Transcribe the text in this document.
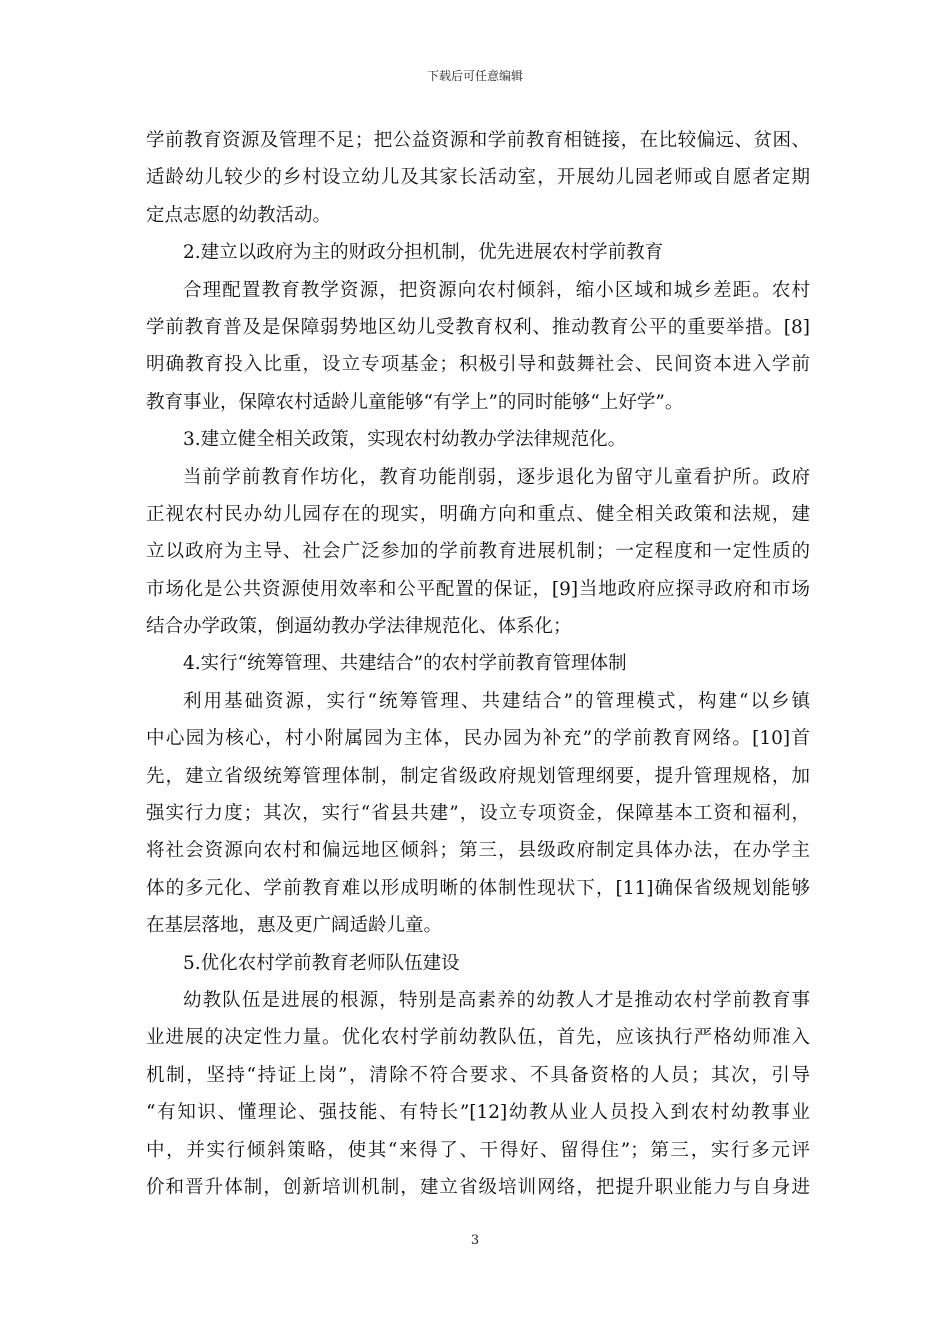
下载后可任意编辑
学前教育资源及管理不足；把公益资源和学前教育相链接，在比较偏远、贫困、
适龄幼儿较少的乡村设立幼儿及其家长活动室，开展幼儿园老师或自愿者定期
定点志愿的幼教活动。
2.建立以政府为主的财政分担机制，优先进展农村学前教育
合理配置教育教学资源，把资源向农村倾斜，缩小区域和城乡差距。农村
学前教育普及是保障弱势地区幼儿受教育权利、推动教育公平的重要举措。[8]
明确教育投入比重，设立专项基金；积极引导和鼓舞社会、民间资本进入学前
教育事业，保障农村适龄儿童能够“有学上”的同时能够“上好学”。
3.建立健全相关政策，实现农村幼教办学法律规范化。
当前学前教育作坊化，教育功能削弱，逐步退化为留守儿童看护所。政府
正视农村民办幼儿园存在的现实，明确方向和重点、健全相关政策和法规，建
立以政府为主导、社会广泛参加的学前教育进展机制；一定程度和一定性质的
市场化是公共资源使用效率和公平配置的保证，[9]当地政府应探寻政府和市场
结合办学政策，倒逼幼教办学法律规范化、体系化；
4.实行“统筹管理、共建结合”的农村学前教育管理体制
利用基础资源，实行“统筹管理、共建结合”的管理模式，构建“以乡镇
中心园为核心，村小附属园为主体，民办园为补充”的学前教育网络。[10]首
先，建立省级统筹管理体制，制定省级政府规划管理纲要，提升管理规格，加
强实行力度；其次，实行“省县共建”，设立专项资金，保障基本工资和福利，
将社会资源向农村和偏远地区倾斜；第三，县级政府制定具体办法，在办学主
体的多元化、学前教育难以形成明晰的体制性现状下，[11]确保省级规划能够
在基层落地，惠及更广阔适龄儿童。
5.优化农村学前教育老师队伍建设
幼教队伍是进展的根源，特别是高素养的幼教人才是推动农村学前教育事
业进展的决定性力量。优化农村学前幼教队伍，首先，应该执行严格幼师准入
机制，坚持“持证上岗”，清除不符合要求、不具备资格的人员；其次，引导
“有知识、懂理论、强技能、有特长”[12]幼教从业人员投入到农村幼教事业
中，并实行倾斜策略，使其“来得了、干得好、留得住”；第三，实行多元评
价和晋升体制，创新培训机制，建立省级培训网络，把提升职业能力与自身进
3
